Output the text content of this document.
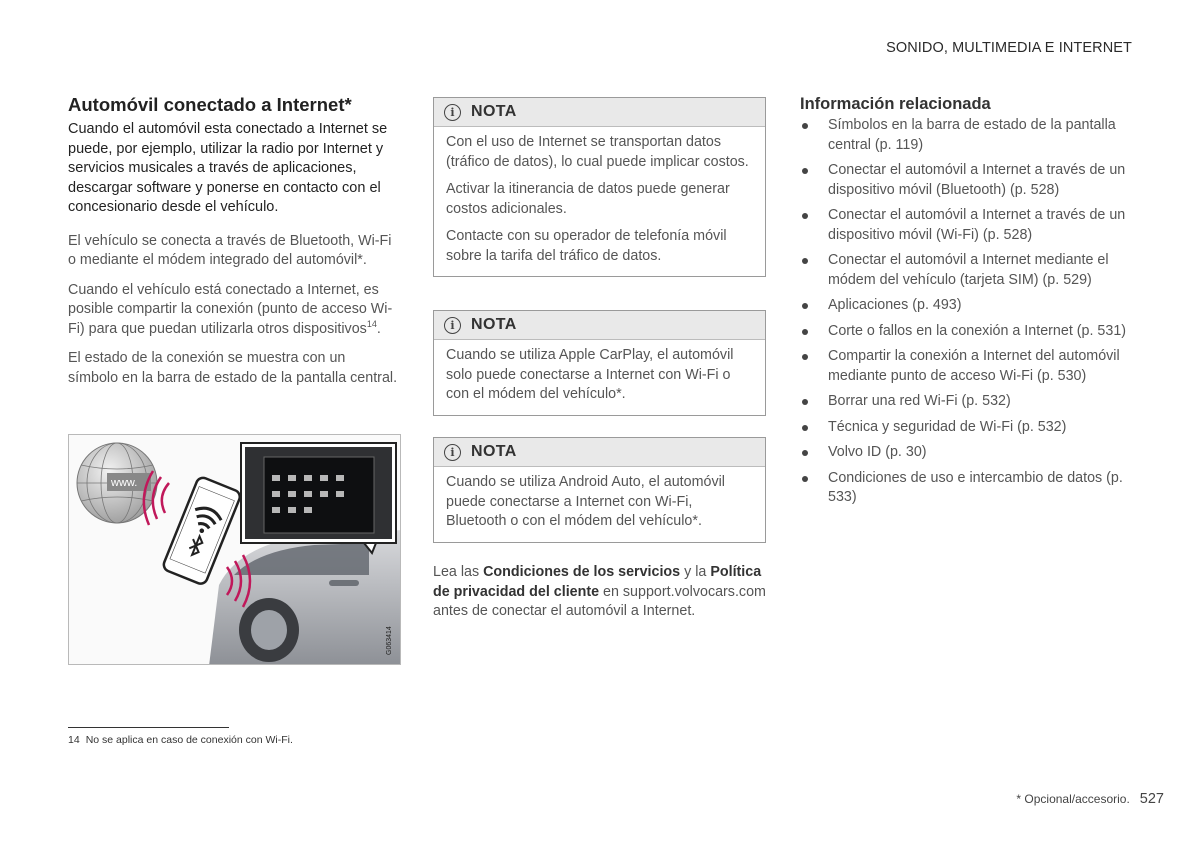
SONIDO, MULTIMEDIA E INTERNET
Automóvil conectado a Internet*

Cuando el automóvil esta conectado a Internet se puede, por ejemplo, utilizar la radio por Internet y servicios musicales a través de aplicaciones, descargar software y ponerse en contacto con el concesionario desde el vehículo.

El vehículo se conecta a través de Bluetooth, Wi-Fi o mediante el módem integrado del automóvil*.

Cuando el vehículo está conectado a Internet, es posible compartir la conexión (punto de acceso Wi-Fi) para que puedan utilizarla otros dispositivos$^{14}$.

El estado de la conexión se muestra con un símbolo en la barra de estado de la pantalla central.

www.
G063414
i	NOTA

Con el uso de Internet se transportan datos (tráfico de datos), lo cual puede implicar costos.

Activar la itinerancia de datos puede generar costos adicionales.

Contacte con su operador de telefonía móvil sobre la tarifa del tráfico de datos.

i	NOTA

Cuando se utiliza Apple CarPlay, el automóvil solo puede conectarse a Internet con Wi-Fi o con el módem del vehículo*.

i	NOTA

Cuando se utiliza Android Auto, el automóvil puede conectarse a Internet con Wi-Fi, Bluetooth o con el módem del vehículo*.

Lea las Condiciones de los servicios y la Política de privacidad del cliente en support.volvocars.com antes de conectar el automóvil a Internet.
Información relacionada
Símbolos en la barra de estado de la pantalla central (p. 119)
Conectar el automóvil a Internet a través de un dispositivo móvil (Bluetooth) (p. 528)
Conectar el automóvil a Internet a través de un dispositivo móvil (Wi-Fi) (p. 528)
Conectar el automóvil a Internet mediante el módem del vehículo (tarjeta SIM) (p. 529)
Aplicaciones (p. 493)
Corte o fallos en la conexión a Internet (p. 531)
Compartir la conexión a Internet del automóvil mediante punto de acceso Wi-Fi (p. 530)
Borrar una red Wi-Fi (p. 532)
Técnica y seguridad de Wi-Fi (p. 532)
Volvo ID (p. 30)
Condiciones de uso e intercambio de datos (p. 533)
14 No se aplica en caso de conexión con Wi-Fi.
* Opcional/accesorio. 527
